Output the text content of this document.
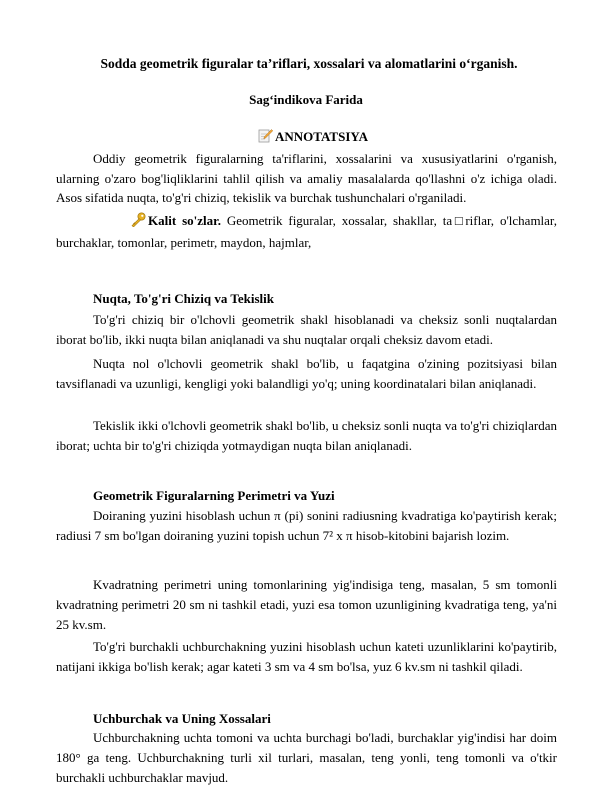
Sodda geometrik figuralar ta’riflari, xossalari va alomatlarini o‘rganish.
Sag‘indikova Farida
ANNOTATSIYA

Oddiy geometrik figuralarning ta'riflarini, xossalarini va xususiyatlarini o'rganish, ularning o'zaro bog'liqliklarini tahlil qilish va amaliy masalalarda qo'llashni o'z ichiga oladi. Asos sifatida nuqta, to'g'ri chiziq, tekislik va burchak tushunchalari o'rganiladi.

Kalit so'zlar. Geometrik figuralar, xossalar, shakllar, ta□riflar, o'lchamlar, burchaklar, tomonlar, perimetr, maydon, hajmlar,

Nuqta, To'g'ri Chiziq va Tekislik

To'g'ri chiziq bir o'lchovli geometrik shakl hisoblanadi va cheksiz sonli nuqtalardan iborat bo'lib, ikki nuqta bilan aniqlanadi va shu nuqtalar orqali cheksiz davom etadi.

Nuqta nol o'lchovli geometrik shakl bo'lib, u faqatgina o'zining pozitsiyasi bilan tavsiflanadi va uzunligi, kengligi yoki balandligi yo'q; uning koordinatalari bilan aniqlanadi.

Tekislik ikki o'lchovli geometrik shakl bo'lib, u cheksiz sonli nuqta va to'g'ri chiziqlardan iborat; uchta bir to'g'ri chiziqda yotmaydigan nuqta bilan aniqlanadi.

Geometrik Figuralarning Perimetri va Yuzi

Doiraning yuzini hisoblash uchun π (pi) sonini radiusning kvadratiga ko'paytirish kerak; radiusi 7 sm bo'lgan doiraning yuzini topish uchun 7² x π hisob-kitobini bajarish lozim.

Kvadratning perimetri uning tomonlarining yig'indisiga teng, masalan, 5 sm tomonli kvadratning perimetri 20 sm ni tashkil etadi, yuzi esa tomon uzunligining kvadratiga teng, ya'ni 25 kv.sm.

To'g'ri burchakli uchburchakning yuzini hisoblash uchun kateti uzunliklarini ko'paytirib, natijani ikkiga bo'lish kerak; agar kateti 3 sm va 4 sm bo'lsa, yuz 6 kv.sm ni tashkil qiladi.

Uchburchak va Uning Xossalari

Uchburchakning uchta tomoni va uchta burchagi bo'ladi, burchaklar yig'indisi har doim 180° ga teng. Uchburchakning turli xil turlari, masalan, teng yonli, teng tomonli va o'tkir burchakli uchburchaklar mavjud.
